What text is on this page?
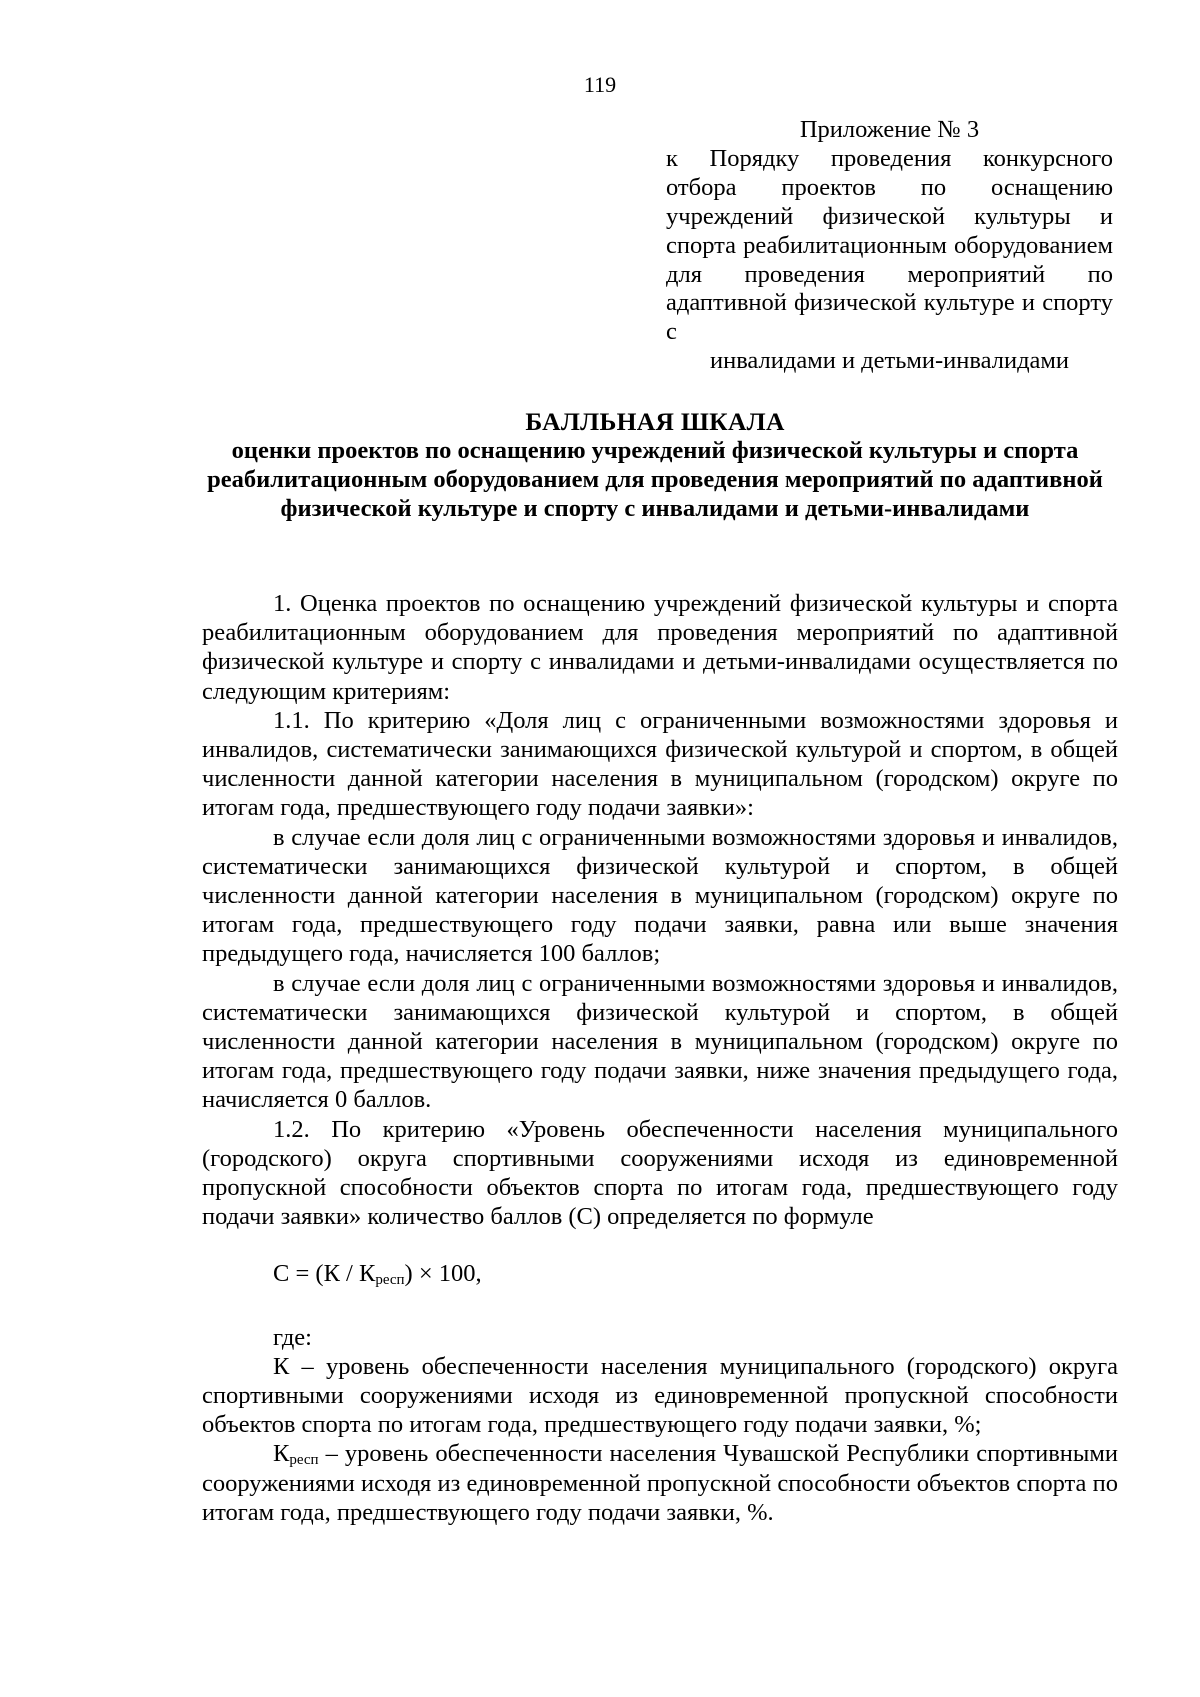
119
Приложение № 3
к Порядку проведения конкурсного отбора проектов по оснащению учреждений физической культуры и спорта реабилитационным оборудованием для проведения мероприятий по адаптивной физической культуре и спорту с
инвалидами и детьми-инвалидами
БАЛЛЬНАЯ ШКАЛА
оценки проектов по оснащению учреждений физической культуры и спорта реабилитационным оборудованием для проведения мероприятий по адаптивной физической культуре и спорту с инвалидами и детьми-инвалидами

1. Оценка проектов по оснащению учреждений физической культуры и спорта реабилитационным оборудованием для проведения мероприятий по адаптивной физической культуре и спорту с инвалидами и детьми-инвалидами осуществляется по следующим критериям:

1.1. По критерию «Доля лиц с ограниченными возможностями здоровья и инвалидов, систематически занимающихся физической культурой и спортом, в общей численности данной категории населения в муниципальном (городском) округе по итогам года, предшествующего году подачи заявки»:

в случае если доля лиц с ограниченными возможностями здоровья и инвалидов, систематически занимающихся физической культурой и спортом, в общей численности данной категории населения в муниципальном (городском) округе по итогам года, предшествующего году подачи заявки, равна или выше значения предыдущего года, начисляется 100 баллов;

в случае если доля лиц с ограниченными возможностями здоровья и инвалидов, систематически занимающихся физической культурой и спортом, в общей численности данной категории населения в муниципальном (городском) округе по итогам года, предшествующего году подачи заявки, ниже значения предыдущего года, начисляется 0 баллов.

1.2. По критерию «Уровень обеспеченности населения муниципального (городского) округа спортивными сооружениями исходя из единовременной пропускной способности объектов спорта по итогам года, предшествующего году подачи заявки» количество баллов (С) определяется по формуле

$С = (К / К_{респ}) \times 100$,
где:

К – уровень обеспеченности населения муниципального (городского) округа спортивными сооружениями исходя из единовременной пропускной способности объектов спорта по итогам года, предшествующего году подачи заявки, %;

$К_{респ}$ – уровень обеспеченности населения Чувашской Республики спортивными сооружениями исходя из единовременной пропускной способности объектов спорта по итогам года, предшествующего году подачи заявки, %.
